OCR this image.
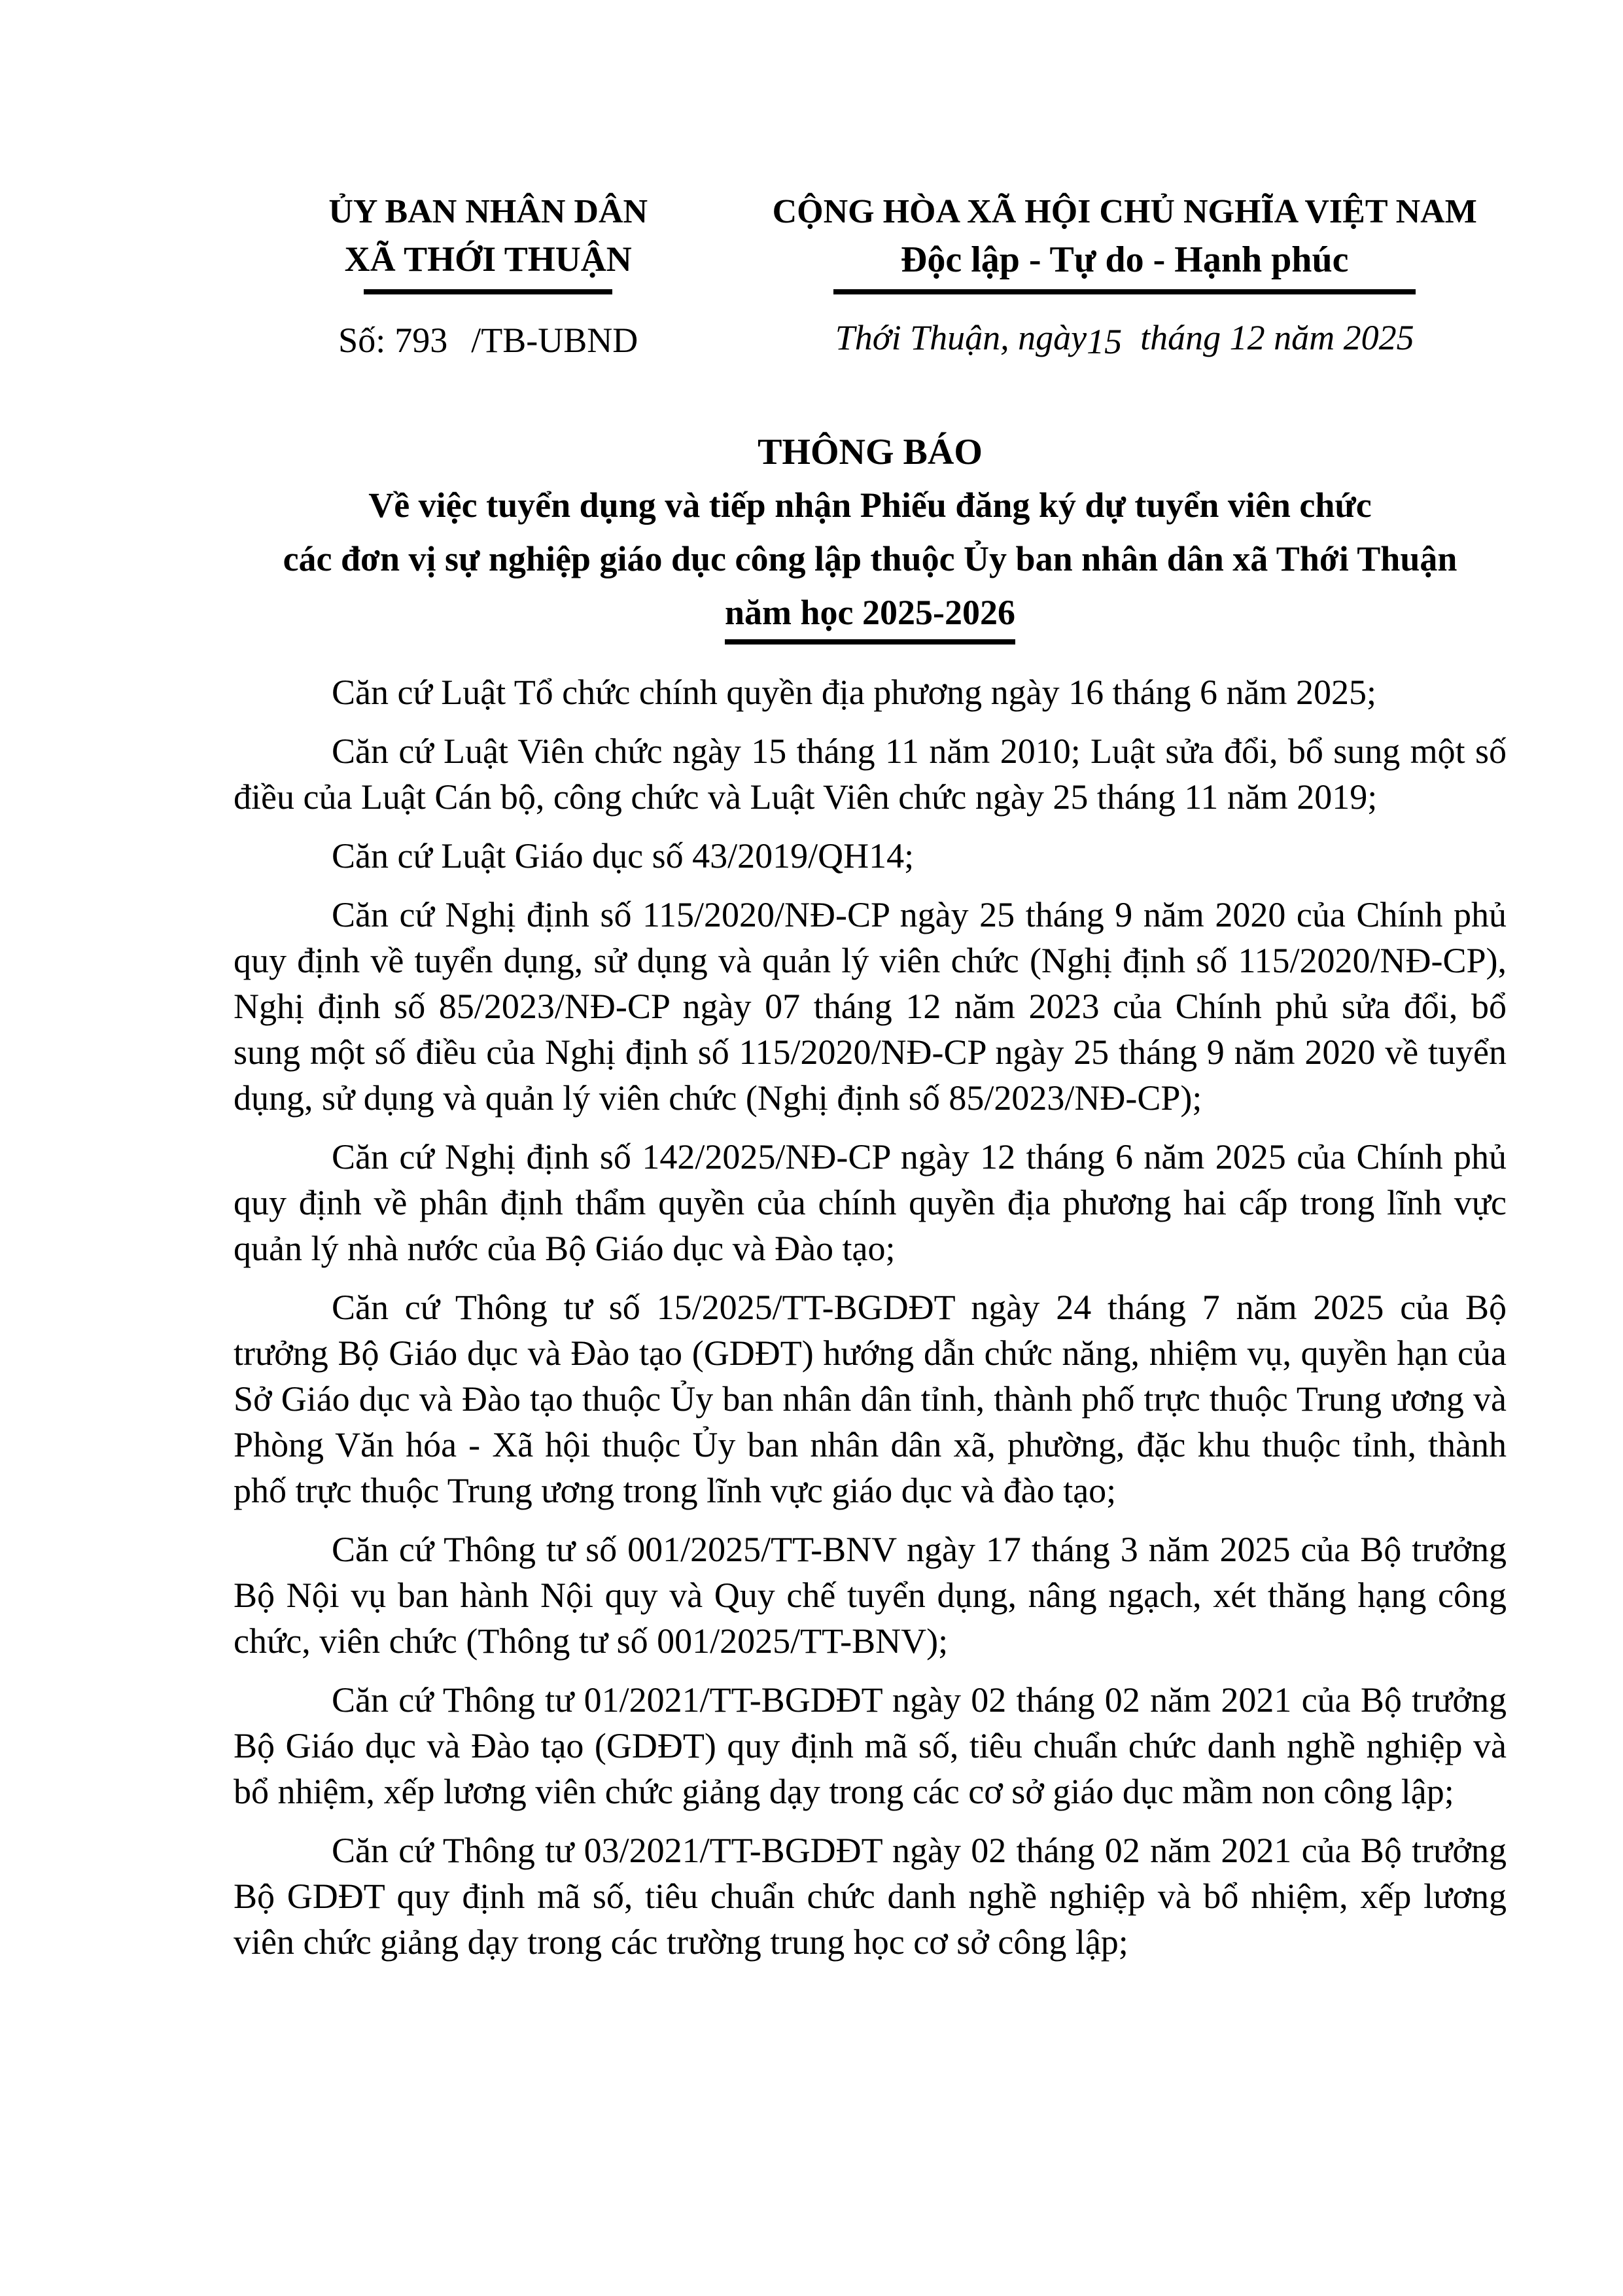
ỦY BAN NHÂN DÂN
XÃ THỚI THUẬN
Số: 793 /TB-UBND
CỘNG HÒA XÃ HỘI CHỦ NGHĨA VIỆT NAM
Độc lập - Tự do - Hạnh phúc
Thới Thuận, ngày15 tháng 12 năm 2025
THÔNG BÁO

Về việc tuyển dụng và tiếp nhận Phiếu đăng ký dự tuyển viên chức

các đơn vị sự nghiệp giáo dục công lập thuộc Ủy ban nhân dân xã Thới Thuận

năm học 2025-2026

Căn cứ Luật Tổ chức chính quyền địa phương ngày 16 tháng 6 năm 2025;

Căn cứ Luật Viên chức ngày 15 tháng 11 năm 2010; Luật sửa đổi, bổ sung một số điều của Luật Cán bộ, công chức và Luật Viên chức ngày 25 tháng 11 năm 2019;

Căn cứ Luật Giáo dục số 43/2019/QH14;

Căn cứ Nghị định số 115/2020/NĐ-CP ngày 25 tháng 9 năm 2020 của Chính phủ quy định về tuyển dụng, sử dụng và quản lý viên chức (Nghị định số 115/2020/NĐ-CP), Nghị định số 85/2023/NĐ-CP ngày 07 tháng 12 năm 2023 của Chính phủ sửa đổi, bổ sung một số điều của Nghị định số 115/2020/NĐ-CP ngày 25 tháng 9 năm 2020 về tuyển dụng, sử dụng và quản lý viên chức (Nghị định số 85/2023/NĐ-CP);

Căn cứ Nghị định số 142/2025/NĐ-CP ngày 12 tháng 6 năm 2025 của Chính phủ quy định về phân định thẩm quyền của chính quyền địa phương hai cấp trong lĩnh vực quản lý nhà nước của Bộ Giáo dục và Đào tạo;

Căn cứ Thông tư số 15/2025/TT-BGDĐT ngày 24 tháng 7 năm 2025 của Bộ trưởng Bộ Giáo dục và Đào tạo (GDĐT) hướng dẫn chức năng, nhiệm vụ, quyền hạn của Sở Giáo dục và Đào tạo thuộc Ủy ban nhân dân tỉnh, thành phố trực thuộc Trung ương và Phòng Văn hóa - Xã hội thuộc Ủy ban nhân dân xã, phường, đặc khu thuộc tỉnh, thành phố trực thuộc Trung ương trong lĩnh vực giáo dục và đào tạo;

Căn cứ Thông tư số 001/2025/TT-BNV ngày 17 tháng 3 năm 2025 của Bộ trưởng Bộ Nội vụ ban hành Nội quy và Quy chế tuyển dụng, nâng ngạch, xét thăng hạng công chức, viên chức (Thông tư số 001/2025/TT-BNV);

Căn cứ Thông tư 01/2021/TT-BGDĐT ngày 02 tháng 02 năm 2021 của Bộ trưởng Bộ Giáo dục và Đào tạo (GDĐT) quy định mã số, tiêu chuẩn chức danh nghề nghiệp và bổ nhiệm, xếp lương viên chức giảng dạy trong các cơ sở giáo dục mầm non công lập;

Căn cứ Thông tư 03/2021/TT-BGDĐT ngày 02 tháng 02 năm 2021 của Bộ trưởng Bộ GDĐT quy định mã số, tiêu chuẩn chức danh nghề nghiệp và bổ nhiệm, xếp lương viên chức giảng dạy trong các trường trung học cơ sở công lập;
